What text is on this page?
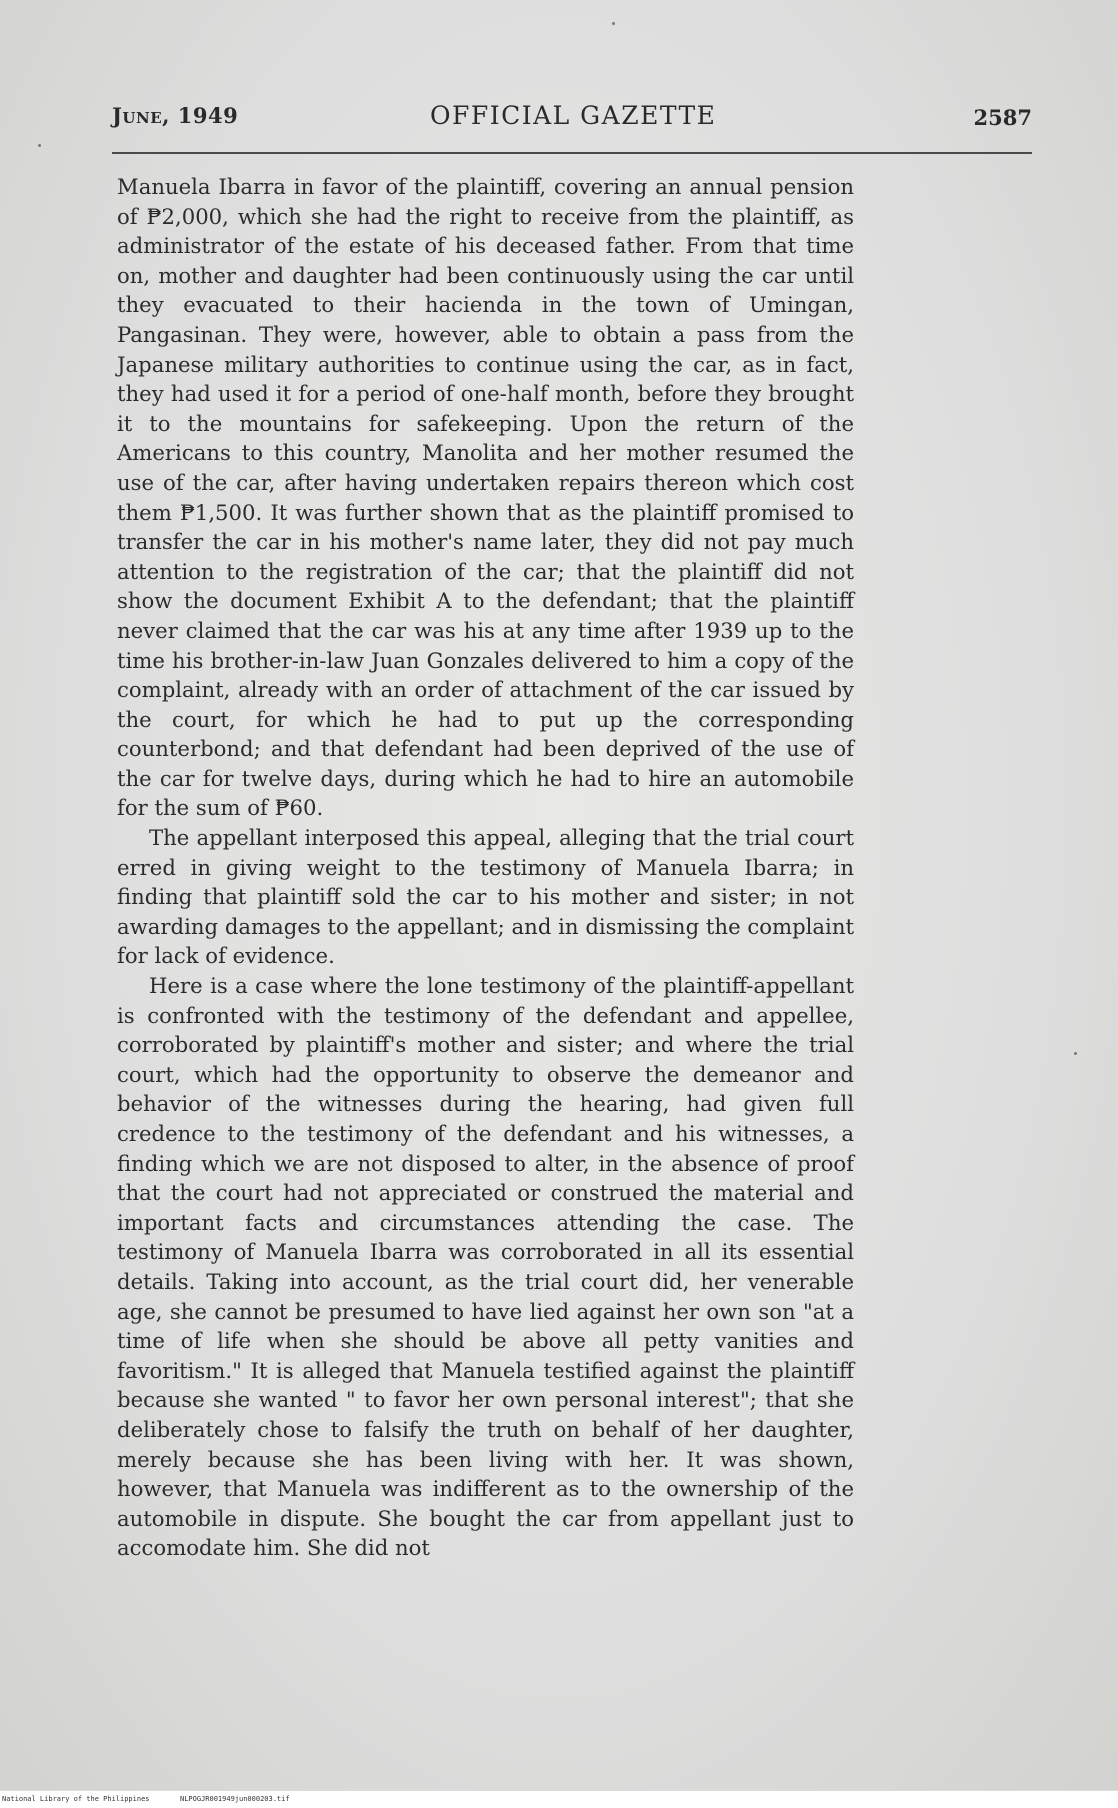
June, 1949	OFFICIAL GAZETTE	2587

Manuela Ibarra in favor of the plaintiff, covering an annual pension of ₱2,000, which she had the right to receive from the plaintiff, as administrator of the estate of his deceased father. From that time on, mother and daughter had been continuously using the car until they evacuated to their hacienda in the town of Umingan, Pangasinan. They were, however, able to obtain a pass from the Japanese military authorities to continue using the car, as in fact, they had used it for a period of one-half month, before they brought it to the mountains for safekeeping. Upon the return of the Americans to this country, Manolita and her mother resumed the use of the car, after having undertaken repairs thereon which cost them ₱1,500. It was further shown that as the plaintiff promised to transfer the car in his mother's name later, they did not pay much attention to the registration of the car; that the plaintiff did not show the document Exhibit A to the defendant; that the plaintiff never claimed that the car was his at any time after 1939 up to the time his brother-in-law Juan Gonzales delivered to him a copy of the complaint, already with an order of attachment of the car issued by the court, for which he had to put up the corresponding counterbond; and that defendant had been deprived of the use of the car for twelve days, during which he had to hire an automobile for the sum of ₱60.

The appellant interposed this appeal, alleging that the trial court erred in giving weight to the testimony of Manuela Ibarra; in finding that plaintiff sold the car to his mother and sister; in not awarding damages to the appellant; and in dismissing the complaint for lack of evidence.

Here is a case where the lone testimony of the plaintiff-appellant is confronted with the testimony of the defendant and appellee, corroborated by plaintiff's mother and sister; and where the trial court, which had the opportunity to observe the demeanor and behavior of the witnesses during the hearing, had given full credence to the testimony of the defendant and his witnesses, a finding which we are not disposed to alter, in the absence of proof that the court had not appreciated or construed the material and important facts and circumstances attending the case. The testimony of Manuela Ibarra was corroborated in all its essential details. Taking into account, as the trial court did, her venerable age, she cannot be presumed to have lied against her own son "at a time of life when she should be above all petty vanities and favoritism." It is alleged that Manuela testified against the plaintiff because she wanted " to favor her own personal interest"; that she deliberately chose to falsify the truth on behalf of her daughter, merely because she has been living with her. It was shown, however, that Manuela was indifferent as to the ownership of the automobile in dispute. She bought the car from appellant just to accomodate him. She did not

National Library of the Philippines	NLPOGJR001949jun000203.tif
